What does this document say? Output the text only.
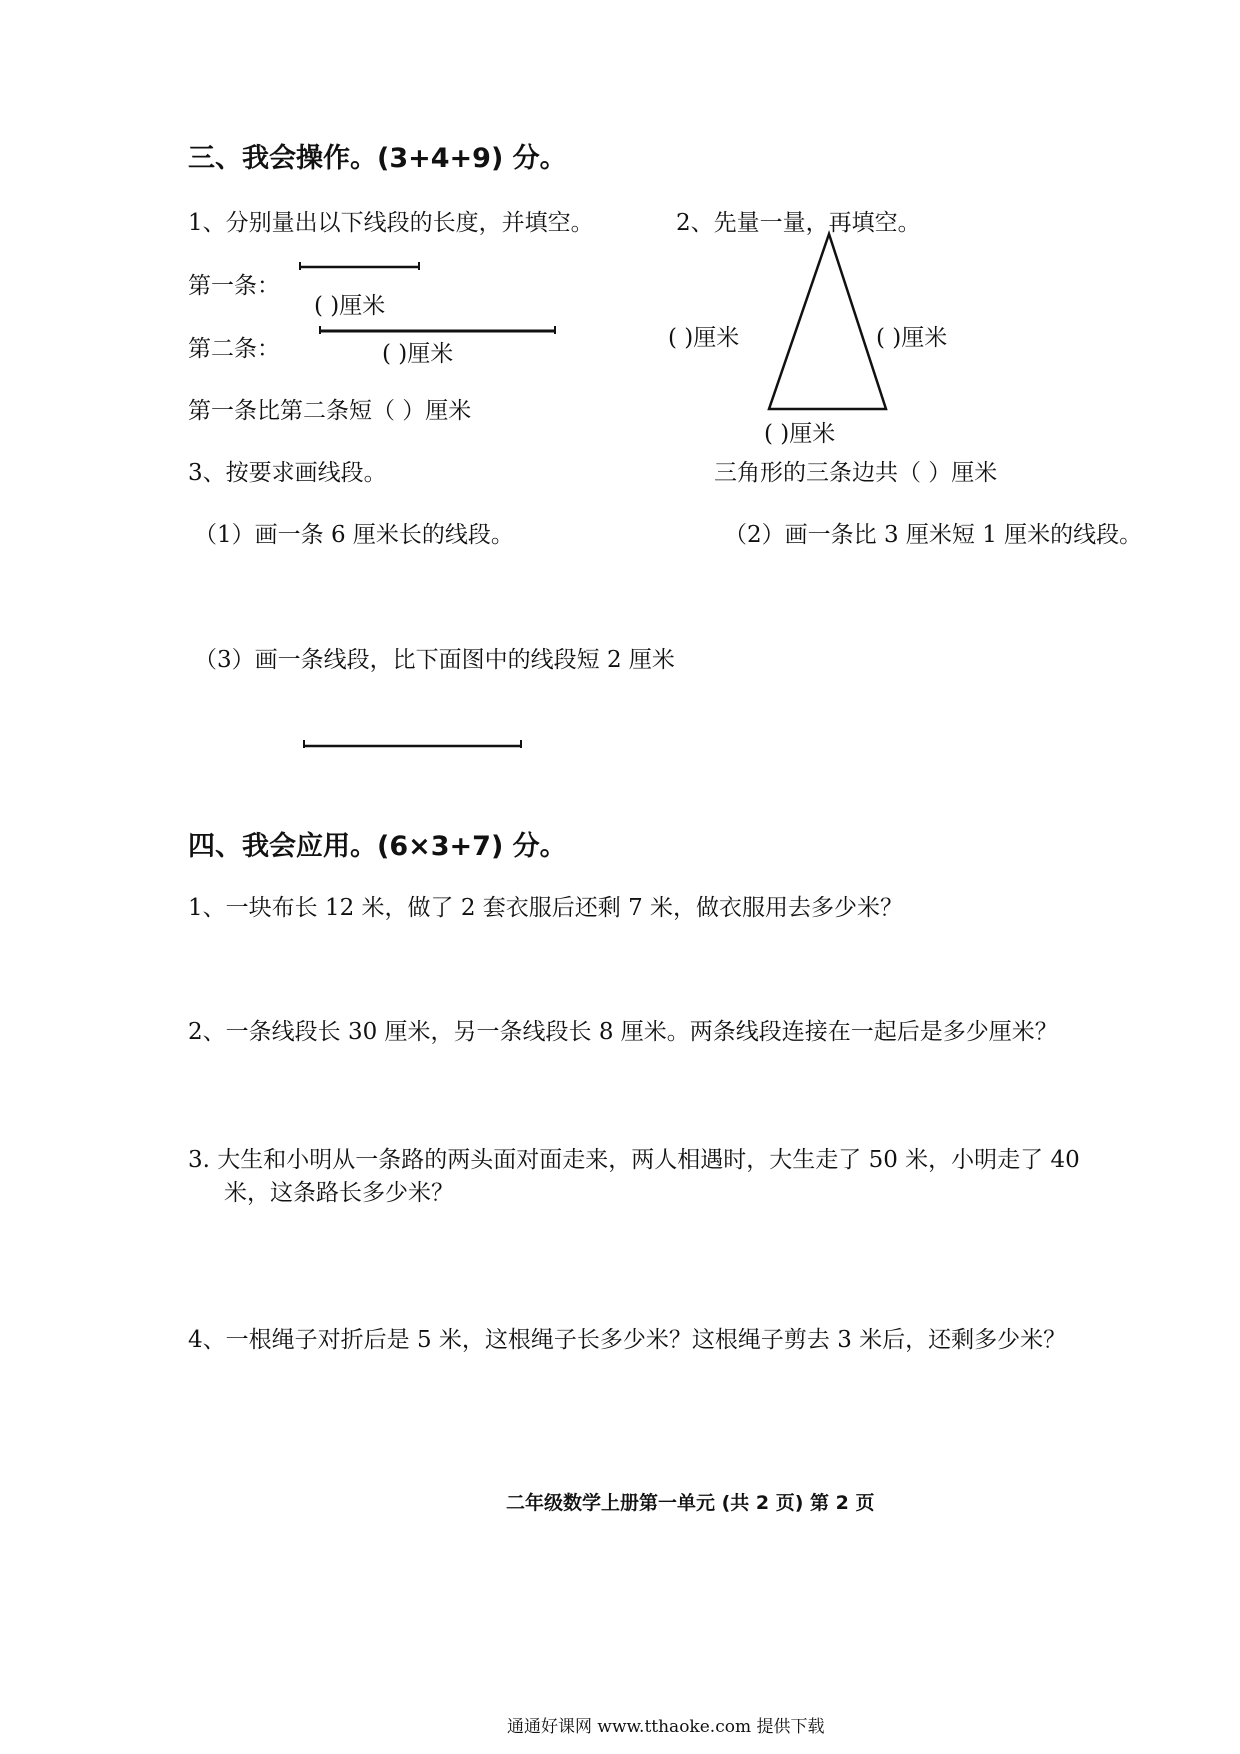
三、我会操作。(3+4+9) 分。
1、分别量出以下线段的长度，并填空。
第一条：
( )厘米
第二条：	( )厘米
第一条比第二条短（ ）厘米
2、先量一量，再填空。
( )厘米	( )厘米
( )厘米
三角形的三条边共（ ）厘米
3、按要求画线段。
（1）画一条 6 厘米长的线段。	（2）画一条比 3 厘米短 1 厘米的线段。
（3）画一条线段，比下面图中的线段短 2 厘米
四、我会应用。(6×3+7) 分。
1、一块布长 12 米，做了 2 套衣服后还剩 7 米，做衣服用去多少米？
2、一条线段长 30 厘米，另一条线段长 8 厘米。两条线段连接在一起后是多少厘米？
3. 大生和小明从一条路的两头面对面走来，两人相遇时，大生走了 50 米，小明走了 40
米，这条路长多少米？
4、一根绳子对折后是 5 米，这根绳子长多少米？这根绳子剪去 3 米后，还剩多少米？
二年级数学上册第一单元 (共 2 页) 第 2 页
通通好课网 www.tthaoke.com 提供下载
